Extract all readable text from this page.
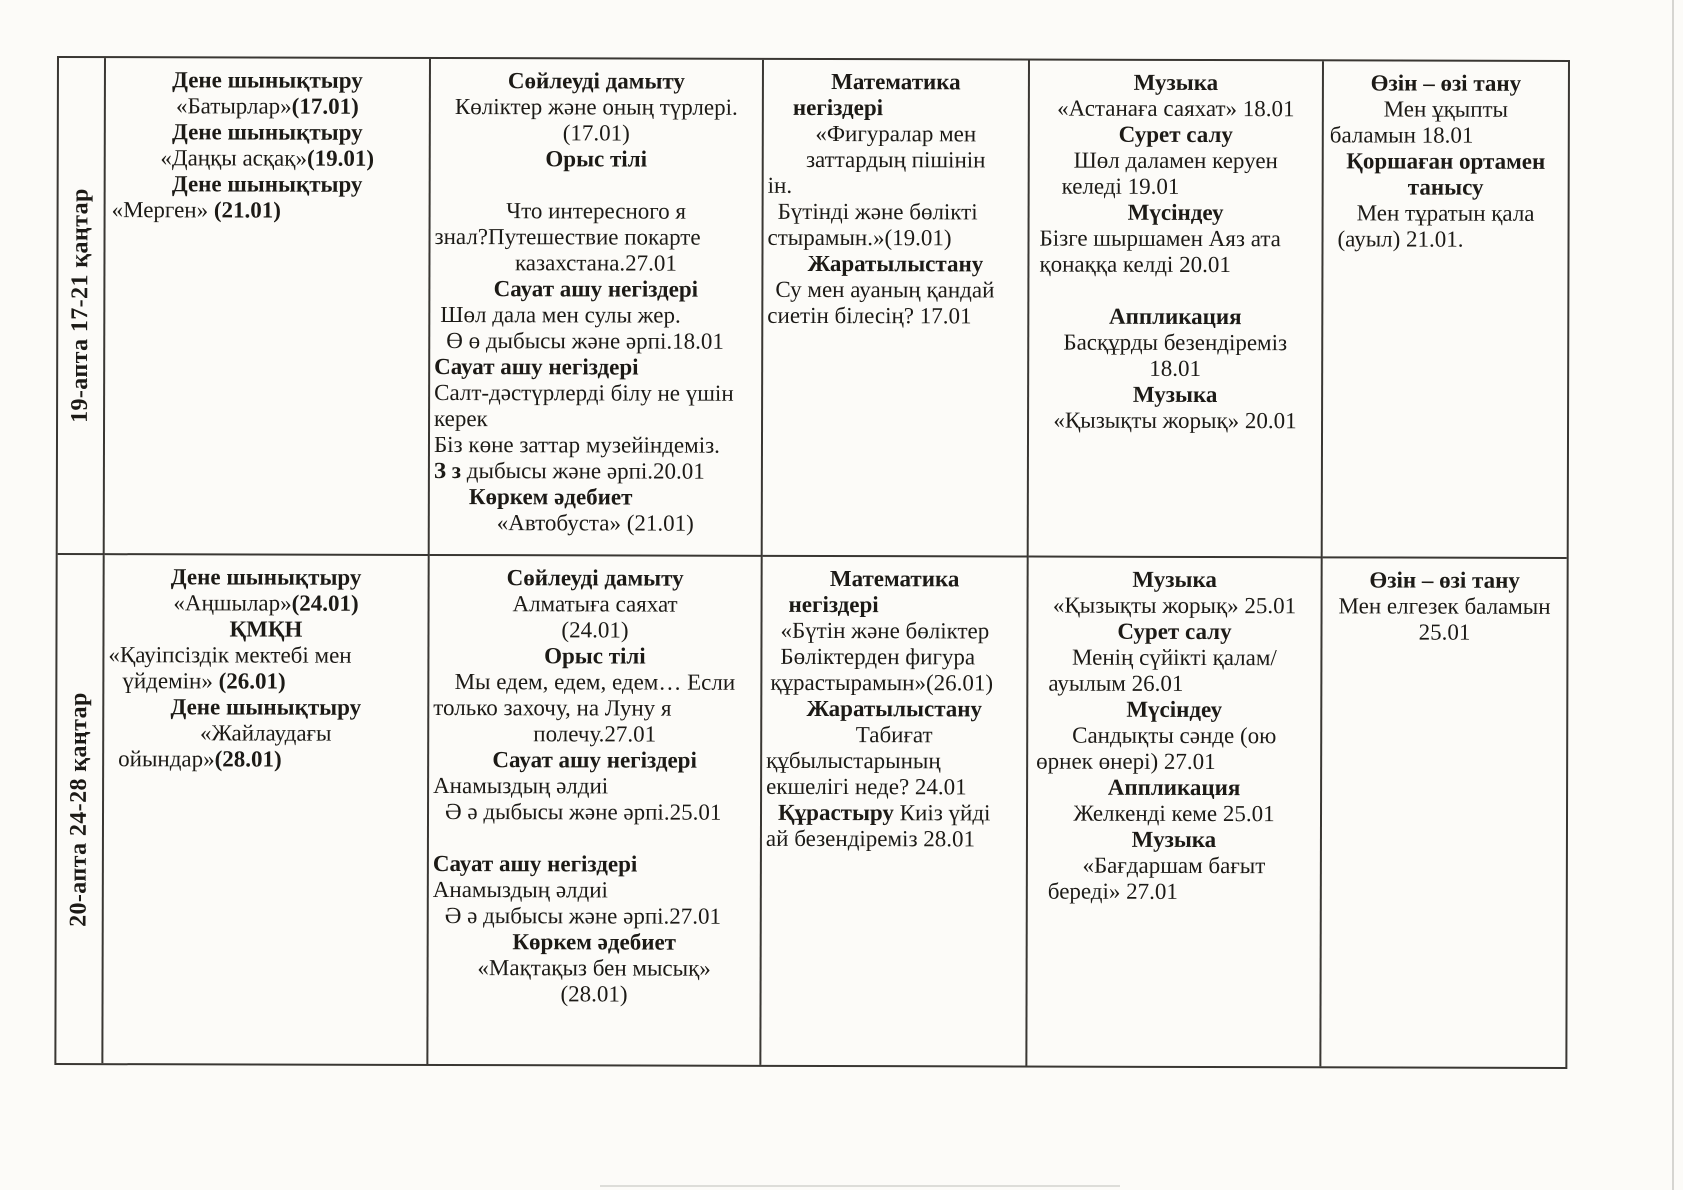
19-апта 17-21 қаңтар
Дене шынықтыру
«Батырлар»(17.01)
Дене шынықтыру
«Даңқы асқақ»(19.01)
Дене шынықтыру
«Мерген» (21.01)
Сөйлеуді дамыту
Көліктер және оның түрлері.
(17.01)
Орыс тілі

Что интересного я
знал?Путешествие покарте
казахстана.27.01
Сауат ашу негіздері
Шөл дала мен сулы жер.
Ө ө дыбысы және әрпі.18.01
Сауат ашу негіздері
Салт-дәстүрлерді білу не үшін
керек
Біз көне заттар музейіндеміз.
З з дыбысы және әрпі.20.01
Көркем әдебиет
«Автобуста» (21.01)
Математика
негіздері
«Фигуралар мен
заттардың пішінін
ін.
Бүтінді және бөлікті
стырамын.»(19.01)
Жаратылыстану
Су мен ауаның қандай
сиетін білесің? 17.01
Музыка
«Астанаға саяхат» 18.01
Сурет салу
Шөл даламен керуен
келеді 19.01
Мүсіндеу
Бізге шыршамен Аяз ата
қонаққа келді 20.01

Аппликация
Басқұрды безендіреміз
18.01
Музыка
«Қызықты жорық» 20.01
Өзін – өзі тану
Мен ұқыпты
баламын 18.01
Қоршаған ортамен
танысу
Мен тұратын қала
(ауыл) 21.01.
20-апта 24-28 қаңтар
Дене шынықтыру
«Аңшылар»(24.01)
ҚМҚН
«Қауіпсіздік мектебі мен
үйдемін» (26.01)
Дене шынықтыру
«Жайлаудағы
ойындар»(28.01)
Сөйлеуді дамыту
Алматыға саяхат
(24.01)
Орыс тілі
Мы едем, едем, едем… Если
только захочу, на Луну я
полечу.27.01
Сауат ашу негіздері
Анамыздың әлдиі
Ә ә дыбысы және әрпі.25.01

Сауат ашу негіздері
Анамыздың әлдиі
Ә ә дыбысы және әрпі.27.01
Көркем әдебиет
«Мақтақыз бен мысық»
(28.01)
Математика
негіздері
«Бүтін және бөліктер
Бөліктерден фигура
құрастырамын»(26.01)
Жаратылыстану
Табиғат
құбылыстарының
екшелігі неде? 24.01
Құрастыру Киіз үйді
ай безендіреміз 28.01
Музыка
«Қызықты жорық» 25.01
Сурет салу
Менің сүйікті қалам/
ауылым 26.01
Мүсіндеу
Сандықты сәнде (ою
өрнек өнері) 27.01
Аппликация
Желкенді кеме 25.01
Музыка
«Бағдаршам бағыт
береді» 27.01
Өзін – өзі тану
Мен елгезек баламын
25.01
